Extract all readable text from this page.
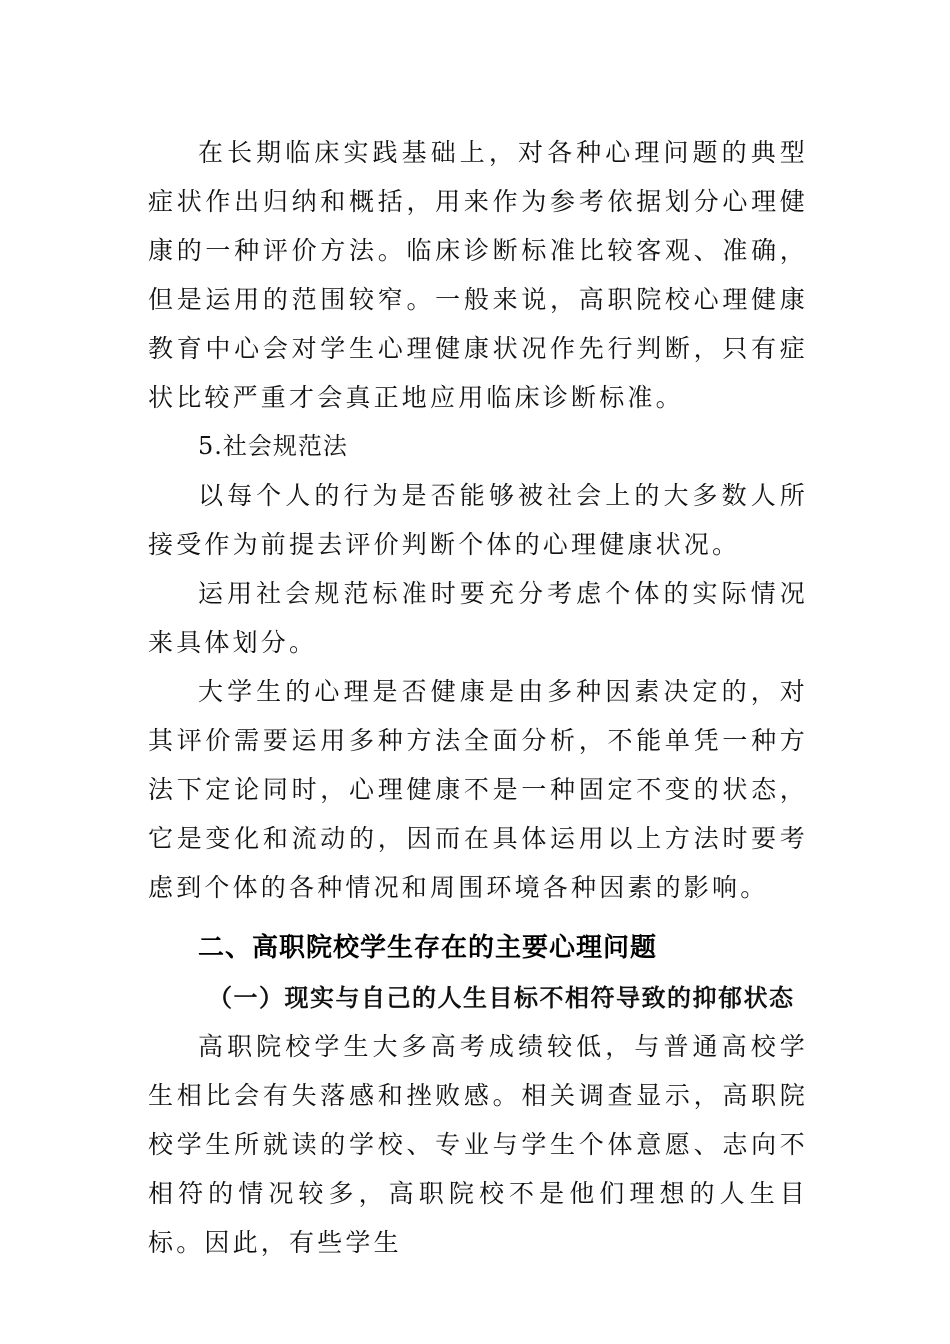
在长期临床实践基础上，对各种心理问题的典型症状作出归纳和概括，用来作为参考依据划分心理健康的一种评价方法。临床诊断标准比较客观、准确，但是运用的范围较窄。一般来说，高职院校心理健康教育中心会对学生心理健康状况作先行判断，只有症状比较严重才会真正地应用临床诊断标准。

5.社会规范法

以每个人的行为是否能够被社会上的大多数人所接受作为前提去评价判断个体的心理健康状况。

运用社会规范标准时要充分考虑个体的实际情况来具体划分。

大学生的心理是否健康是由多种因素决定的，对其评价需要运用多种方法全面分析，不能单凭一种方法下定论同时，心理健康不是一种固定不变的状态，它是变化和流动的，因而在具体运用以上方法时要考虑到个体的各种情况和周围环境各种因素的影响。

二、高职院校学生存在的主要心理问题
（一）现实与自己的人生目标不相符导致的抑郁状态

高职院校学生大多高考成绩较低，与普通高校学生相比会有失落感和挫败感。相关调查显示，高职院校学生所就读的学校、专业与学生个体意愿、志向不相符的情况较多，高职院校不是他们理想的人生目标。因此，有些学生
